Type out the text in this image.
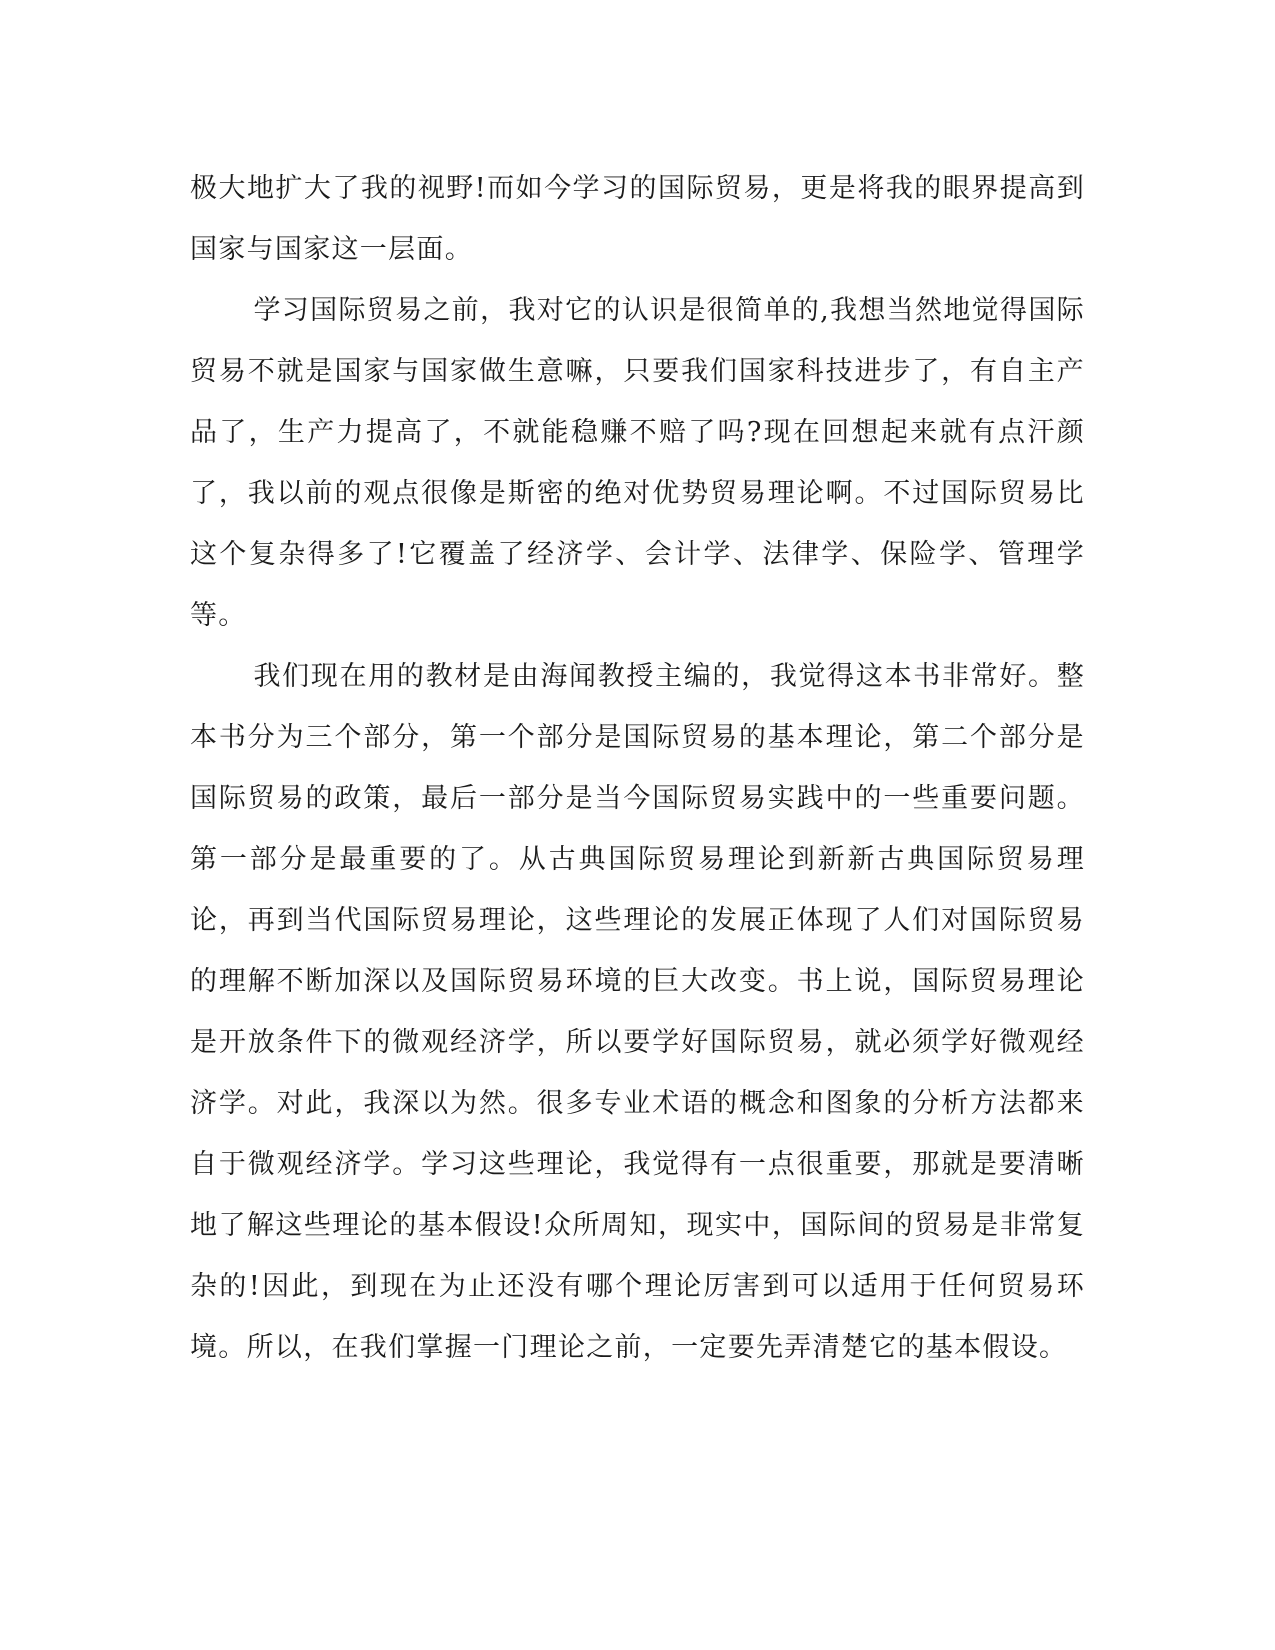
极大地扩大了我的视野!而如今学习的国际贸易，更是将我的眼界提高到国家与国家这一层面。

学习国际贸易之前，我对它的认识是很简单的,我想当然地觉得国际贸易不就是国家与国家做生意嘛，只要我们国家科技进步了，有自主产品了，生产力提高了，不就能稳赚不赔了吗?现在回想起来就有点汗颜了，我以前的观点很像是斯密的绝对优势贸易理论啊。不过国际贸易比这个复杂得多了!它覆盖了经济学、会计学、法律学、保险学、管理学等。

我们现在用的教材是由海闻教授主编的，我觉得这本书非常好。整本书分为三个部分，第一个部分是国际贸易的基本理论，第二个部分是国际贸易的政策，最后一部分是当今国际贸易实践中的一些重要问题。第一部分是最重要的了。从古典国际贸易理论到新新古典国际贸易理论，再到当代国际贸易理论，这些理论的发展正体现了人们对国际贸易的理解不断加深以及国际贸易环境的巨大改变。书上说，国际贸易理论是开放条件下的微观经济学，所以要学好国际贸易，就必须学好微观经济学。对此，我深以为然。很多专业术语的概念和图象的分析方法都来自于微观经济学。学习这些理论，我觉得有一点很重要，那就是要清晰地了解这些理论的基本假设!众所周知，现实中，国际间的贸易是非常复杂的!因此，到现在为止还没有哪个理论厉害到可以适用于任何贸易环境。所以，在我们掌握一门理论之前，一定要先弄清楚它的基本假设。
